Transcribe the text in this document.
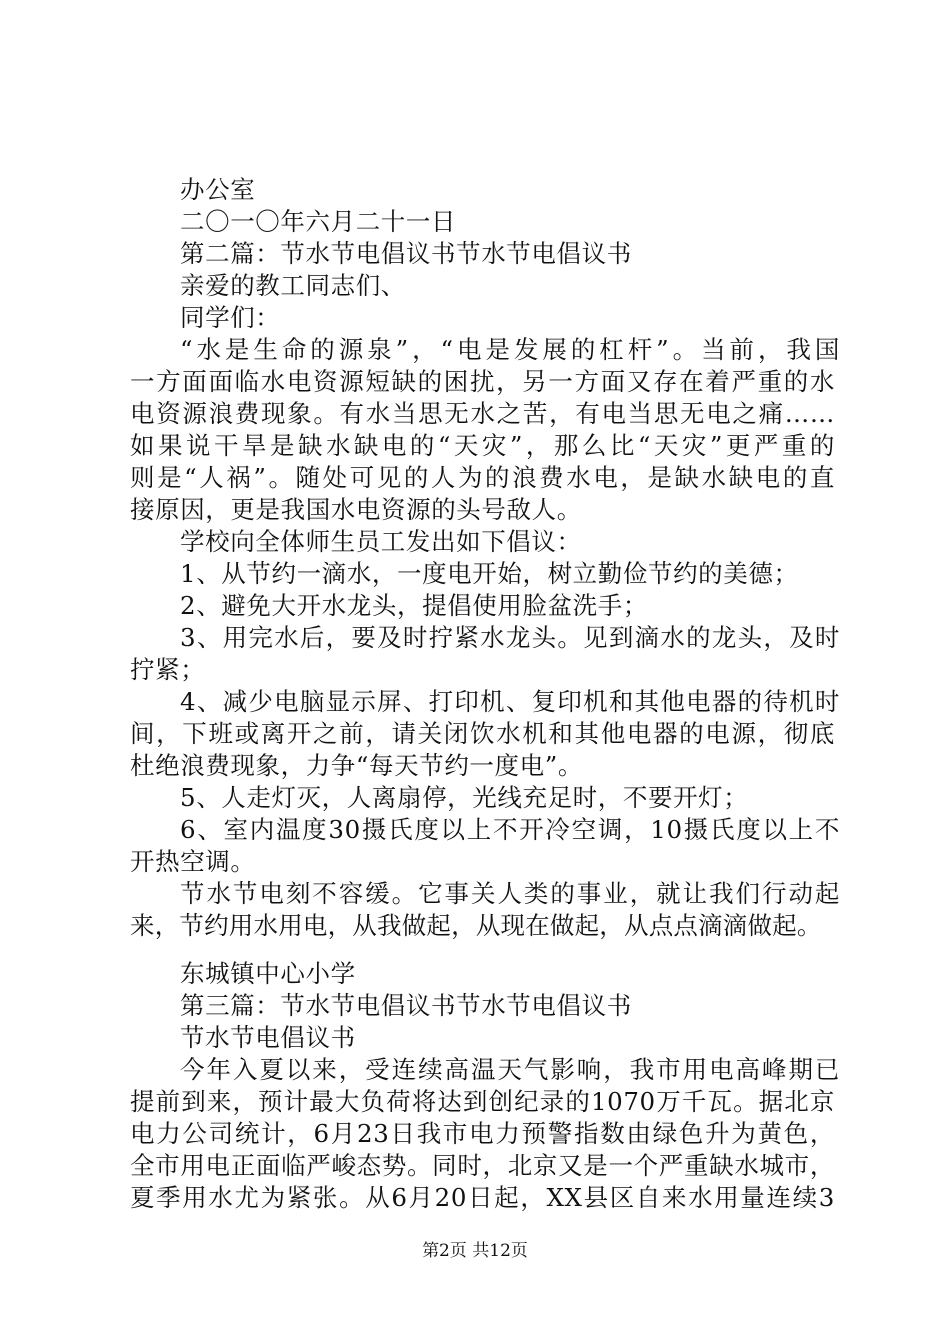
办公室
二〇一〇年六月二十一日
第二篇：节水节电倡议书节水节电倡议书
亲爱的教工同志们、
同学们：
“水是生命的源泉”，“电是发展的杠杆”。当前，我国
一方面面临水电资源短缺的困扰，另一方面又存在着严重的水
电资源浪费现象。有水当思无水之苦，有电当思无电之痛……
如果说干旱是缺水缺电的“天灾”，那么比“天灾”更严重的
则是“人祸”。随处可见的人为的浪费水电，是缺水缺电的直
接原因，更是我国水电资源的头号敌人。
学校向全体师生员工发出如下倡议：
1、从节约一滴水，一度电开始，树立勤俭节约的美德；
2、避免大开水龙头，提倡使用脸盆洗手；
3、用完水后，要及时拧紧水龙头。见到滴水的龙头，及时
拧紧；
4、减少电脑显示屏、打印机、复印机和其他电器的待机时
间，下班或离开之前，请关闭饮水机和其他电器的电源，彻底
杜绝浪费现象，力争“每天节约一度电”。
5、人走灯灭，人离扇停，光线充足时，不要开灯；
6、室内温度30摄氏度以上不开冷空调，10摄氏度以上不
开热空调。
节水节电刻不容缓。它事关人类的事业，就让我们行动起
来，节约用水用电，从我做起，从现在做起，从点点滴滴做起。
东城镇中心小学
第三篇：节水节电倡议书节水节电倡议书
节水节电倡议书
今年入夏以来，受连续高温天气影响，我市用电高峰期已
提前到来，预计最大负荷将达到创纪录的1070万千瓦。据北京
电力公司统计，6月23日我市电力预警指数由绿色升为黄色，
全市用电正面临严峻态势。同时，北京又是一个严重缺水城市，
夏季用水尤为紧张。从6月20日起，XX县区自来水用量连续3
第2页 共12页
